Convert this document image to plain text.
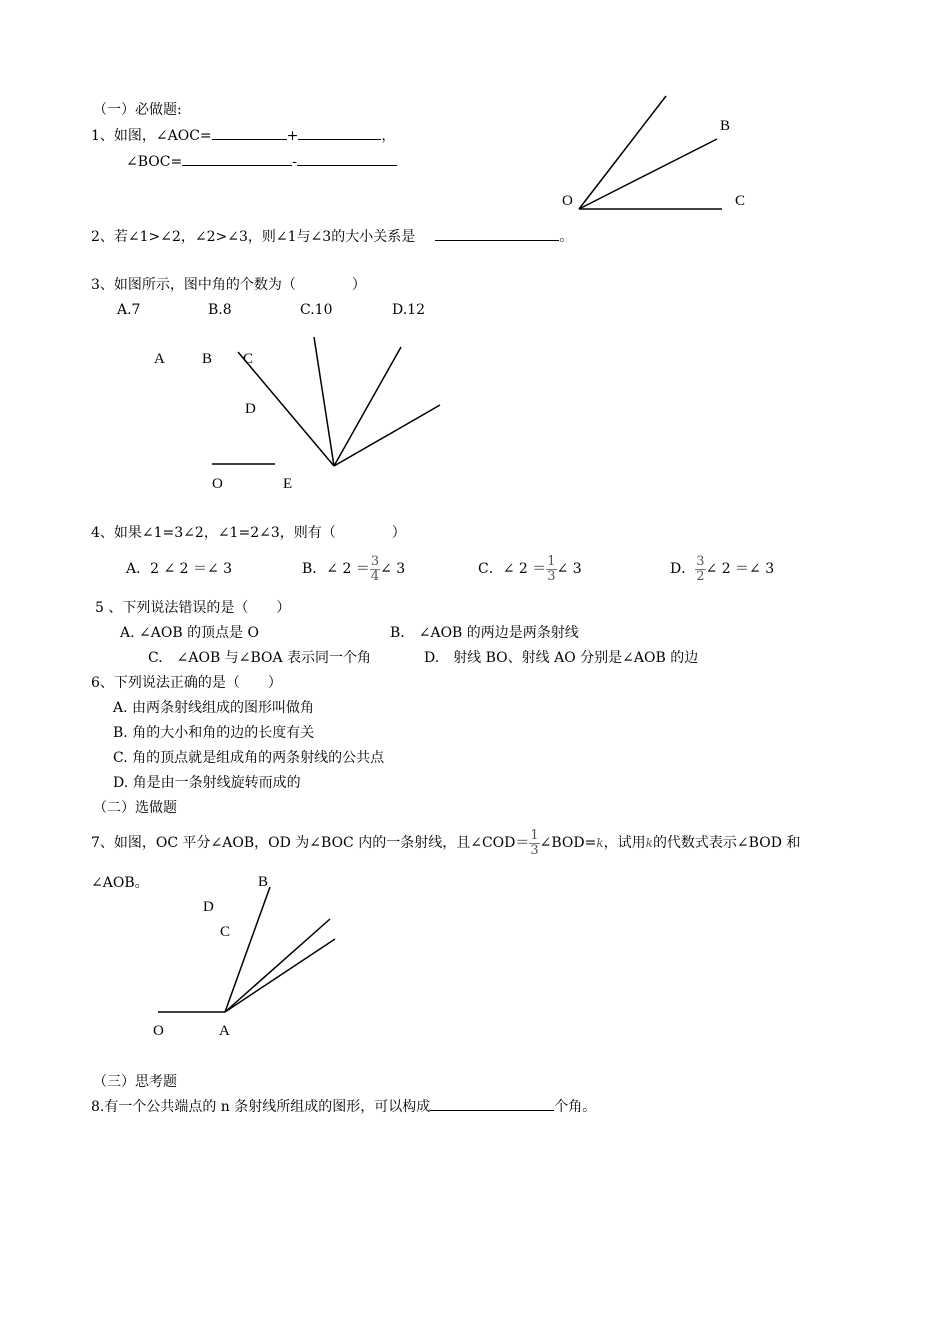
（一）必做题:
1、如图，∠AOC=	+	，
∠BOC=	-
B
O	C
2、若∠1>∠2，∠2>∠3，则∠1与∠3的大小关系是	。
3、如图所示，图中角的个数为（　　　　）
A.7	B.8	C.10	D.12
A B C
D
O	E
4、如果∠1=3∠2，∠1=2∠3，则有（　　　　）
A．2 ∠ 2 ＝∠ 3	B．∠ $2 = \frac{3}{4}$ ∠ 3	C．∠ $2 = \frac{1}{3}$ ∠ 3	D． $\frac{3}{2}$ ∠ 2 ＝∠ 3
5 、下列说法错误的是（　　）
A. ∠AOB 的顶点是 O	B.　∠AOB 的两边是两条射线
C.　∠AOB 与∠BOA 表示同一个角	D.　射线 BO、射线 AO 分别是∠AOB 的边
6、下列说法正确的是（　　）
A. 由两条射线组成的图形叫做角
B. 角的大小和角的边的长度有关
C. 角的顶点就是组成角的两条射线的公共点
D. 角是由一条射线旋转而成的
（二）选做题
7、如图，OC 平分∠AOB，OD 为∠BOC 内的一条射线，且∠COD＝ $\frac{1}{3}$ ∠BOD=k，试用k的代数式表示∠BOD 和
∠AOB。	B
D
C
O	A
（三）思考题
8.有一个公共端点的 n 条射线所组成的图形，可以构成	个角。
